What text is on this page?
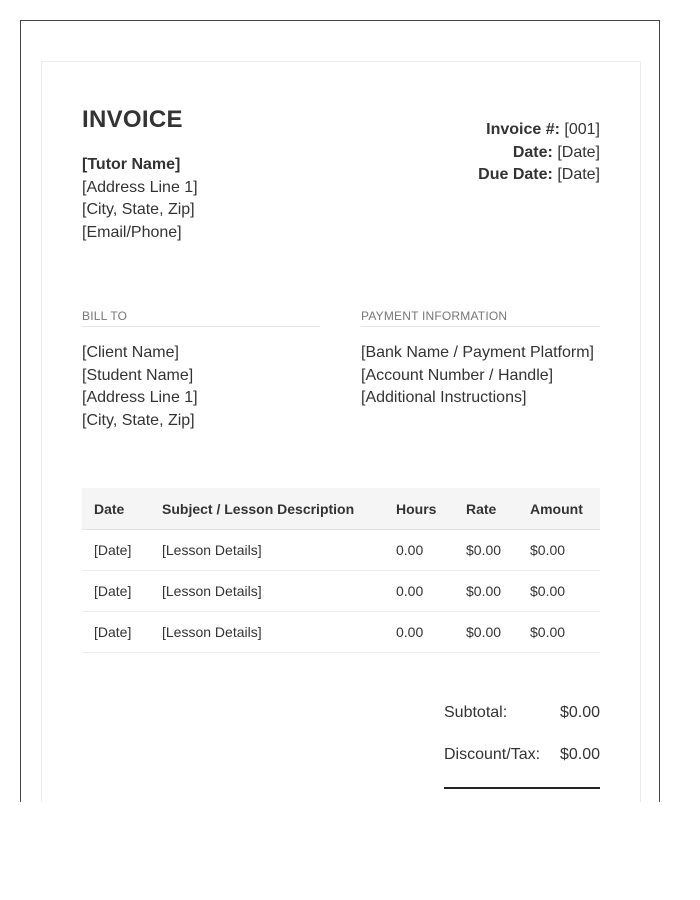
INVOICE
[Tutor Name]
[Address Line 1]
[City, State, Zip]
[Email/Phone]
Invoice #: [001]
Date: [Date]
Due Date: [Date]
BILL TO	PAYMENT INFORMATION
[Client Name]
[Student Name]
[Address Line 1]
[City, State, Zip]
[Bank Name / Payment Platform]
[Account Number / Handle]
[Additional Instructions]
Date	Subject / Lesson Description	Hours	Rate	Amount
[Date]	[Lesson Details]	0.00	$0.00	$0.00
[Date]	[Lesson Details]	0.00	$0.00	$0.00
[Date]	[Lesson Details]	0.00	$0.00	$0.00
Subtotal:	$0.00
Discount/Tax: $0.00
